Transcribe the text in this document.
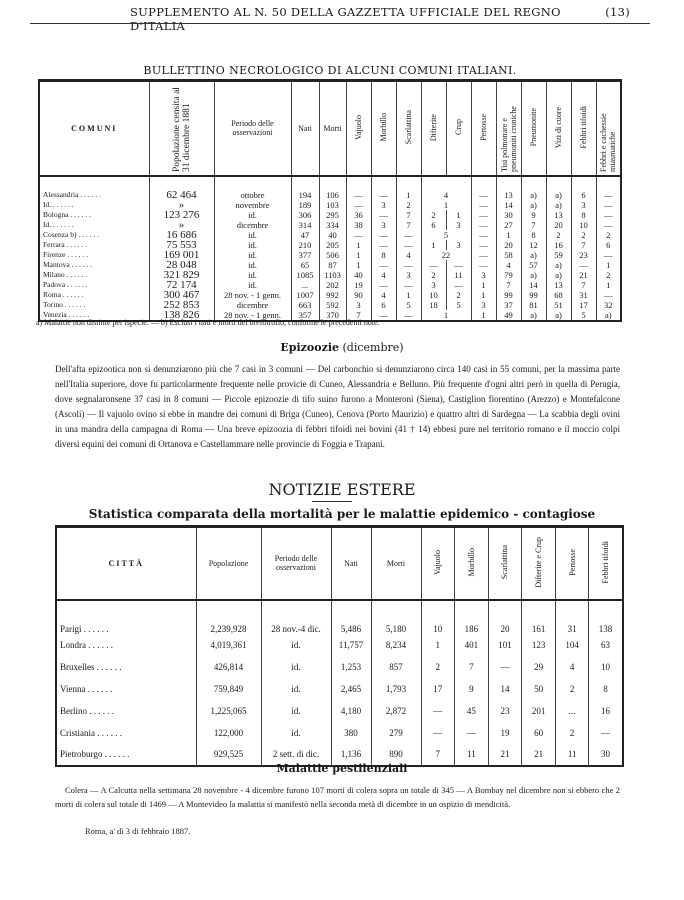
SUPPLEMENTO AL N. 50 DELLA GAZZETTA UFFICIALE DEL REGNO D'ITALIA
(13)
BULLETTINO NECROLOGICO DI ALCUNI COMUNI ITALIANI.
COMUNI	Popolazione censita al 31 dicembre 1881	Periodo delle osservazioni	Nati	Morti	Vajuolo	Morbillo	Scarlattina	Difterite	Crup	Pertosse	Tisi polmonare e pneumoniti croniche	Pneumonite	Vizi di cuore	Febbri tifoidi	Febbri e cachessie miasmatiche
Alessandria . . . . . .	62 464	ottobre	194	106	—	—	1	4		—	13	a)	a)	6	—
Id. . . . . . .	»	novembre	189	103	—	3	2	1		—	14	a)	a)	3	—
Bologna . . . . . .	123 276	id.	306	295	36	—	7	2	1	—	30	9	13	8	—
Id. . . . . . .	»	dicembre	314	334	38	3	7	6	3	—	27	7	20	10	—
Cosenza b) . . . . . .	16 686	id.	47	40	—	—	—	5		—	1	8	2	2	2
Ferrara . . . . . .	75 553	id.	210	205	1	—	—	1	3	—	20	12	16	7	6
Firenze . . . . . .	169 001	id.	377	506	1	8	4	22		—	58	a)	59	23	—
Mantova . . . . . .	28 048	id.	65	87	1	—	—	—	—	—	4	57	a)	—	1
Milano . . . . . .	321 829	id.	1085	1103	40	4	3	2	11	3	79	a)	a)	21	2
Padova . . . . . .	72 174	id.	...	202	19	—	—	3	—	1	7	14	13	7	1
Roma . . . . . .	300 467	28 nov. - 1 genn.	1007	992	90	4	1	10	2	1	99	99	68	31	—
Torino . . . . . .	252 853	dicembre	663	592	3	6	5	18	5	3	37	81	51	17	32
Venezia . . . . . .	138 826	28 nov. - 1 genn.	357	370	7	—	—	1		1	49	a)	a)	5	a)
a) Malattie non distinte per ispecie. — b) Esclusi i nati e morti del brefotrofio, conforme le precedenti note.
Epizoozie (dicembre)

Dell'afta epizootica non si denunziarono più che 7 casi in 3 comuni — Del carbonchio si denunziarono circa 140 casi in 55 comuni, per la massima parte nell'Italia superiore, dove fu particolarmente frequente nelle provicie di Cuneo, Alessandria e Belluno. Più frequente d'ogni altri però in quella di Perugia, dove segnalaronsene 37 casi in 8 comuni — Piccole epizoozie di tifo suino furono a Monteroni (Siena), Castiglion fiorentino (Arezzo) e Montefalcone (Ascoli) — Il vajuolo ovino si ebbe in mandre dei comuni di Briga (Cuneo), Cenova (Porto Maurizio) e quattro altri di Sardegna — La scabbia degli ovini in una mandra della campagna di Roma — Una breve epizoozia di febbri tifoidi nei bovini (41 † 14) ebbesi pure nel territorio romano e il moccio colpì diversi equini dei comuni di Ortanova e Castellammare nelle provincie di Foggia e Trapani.

NOTIZIE ESTERE
Statistica comparata della mortalità per le malattie epidemico - contagiose
CITTÀ	Popolazione	Periodo delle osservazioni	Nati	Morti	Vajuolo	Morbillo	Scarlattina	Difterite e Crup	Pertosse	Febbri tifoidi
Parigi . . . . . .	2,239,928	28 nov.-4 dic.	5,486	5,180	10	186	20	161	31	138
Londra . . . . . .	4,019,361	id.	11,757	8,234	1	401	101	123	104	63
Bruxelles . . . . . .	426,814	id.	1,253	857	2	7	—	29	4	10
Vienna . . . . . .	759,849	id.	2,465	1,793	17	9	14	50	2	8
Berlino . . . . . .	1,225,065	id.	4,180	2,872	—	45	23	201	...	16
Cristiania . . . . . .	122,000	id.	380	279	—	—	19	60	2	—
Pietroburgo . . . . . .	929,525	2 sett. di dic.	1,136	890	7	11	21	21	11	30
Malattie pestilenziali

Colera — A Calcutta nella settimana 28 novembre - 4 dicembre furono 107 morti di colera sopra un totale di 345 — A Bombay nel dicembre non si ebbero che 2 morti di colera sul totale di 1469 — A Montevideo la malattia si manifestò nella seconda metà di dicembre in un ospizio di mendicità.

Roma, a' dì 3 di febbraio 1887.
